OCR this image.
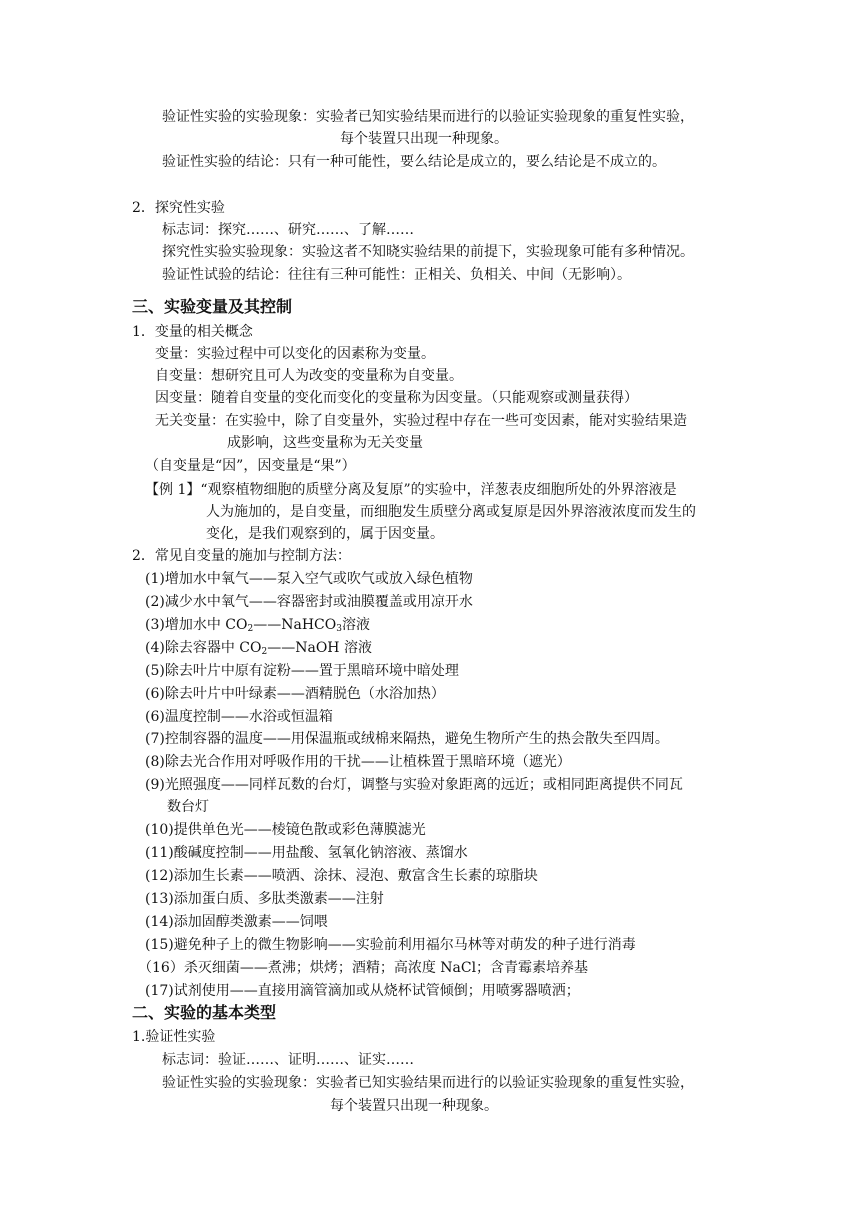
验证性实验的实验现象：实验者已知实验结果而进行的以验证实验现象的重复性实验，
每个装置只出现一种现象。
验证性实验的结论：只有一种可能性，要么结论是成立的，要么结论是不成立的。
2．探究性实验
标志词：探究……、研究……、了解……
探究性实验实验现象：实验这者不知晓实验结果的前提下，实验现象可能有多种情况。
验证性试验的结论：往往有三种可能性：正相关、负相关、中间（无影响）。
三、实验变量及其控制
1．变量的相关概念
变量：实验过程中可以变化的因素称为变量。
自变量：想研究且可人为改变的变量称为自变量。
因变量：随着自变量的变化而变化的变量称为因变量。（只能观察或测量获得）
无关变量：在实验中，除了自变量外，实验过程中存在一些可变因素，能对实验结果造
成影响，这些变量称为无关变量
（自变量是“因”，因变量是“果”）
【例 1】“观察植物细胞的质壁分离及复原”的实验中，洋葱表皮细胞所处的外界溶液是
人为施加的，是自变量，而细胞发生质壁分离或复原是因外界溶液浓度而发生的
变化，是我们观察到的，属于因变量。
2．常见自变量的施加与控制方法：
(1)增加水中氧气——泵入空气或吹气或放入绿色植物
(2)减少水中氧气——容器密封或油膜覆盖或用凉开水
(3)增加水中 $CO_2——NaHCO_3$溶液
(4)除去容器中 $CO_2——NaOH$ 溶液
(5)除去叶片中原有淀粉——置于黑暗环境中暗处理
(6)除去叶片中叶绿素——酒精脱色（水浴加热）
(6)温度控制——水浴或恒温箱
(7)控制容器的温度——用保温瓶或绒棉来隔热，避免生物所产生的热会散失至四周。
(8)除去光合作用对呼吸作用的干扰——让植株置于黑暗环境（遮光）
(9)光照强度——同样瓦数的台灯，调整与实验对象距离的远近；或相同距离提供不同瓦
数台灯
(10)提供单色光——棱镜色散或彩色薄膜滤光
(11)酸碱度控制——用盐酸、氢氧化钠溶液、蒸馏水
(12)添加生长素——喷洒、涂抹、浸泡、敷富含生长素的琼脂块
(13)添加蛋白质、多肽类激素——注射
(14)添加固醇类激素——饲喂
(15)避免种子上的微生物影响——实验前利用福尔马林等对萌发的种子进行消毒
（16）杀灭细菌——煮沸；烘烤；酒精；高浓度 NaCl；含青霉素培养基
(17)试剂使用——直接用滴管滴加或从烧杯试管倾倒；用喷雾器喷洒；
二、实验的基本类型
1.验证性实验
标志词：验证……、证明……、证实……
验证性实验的实验现象：实验者已知实验结果而进行的以验证实验现象的重复性实验，
每个装置只出现一种现象。
